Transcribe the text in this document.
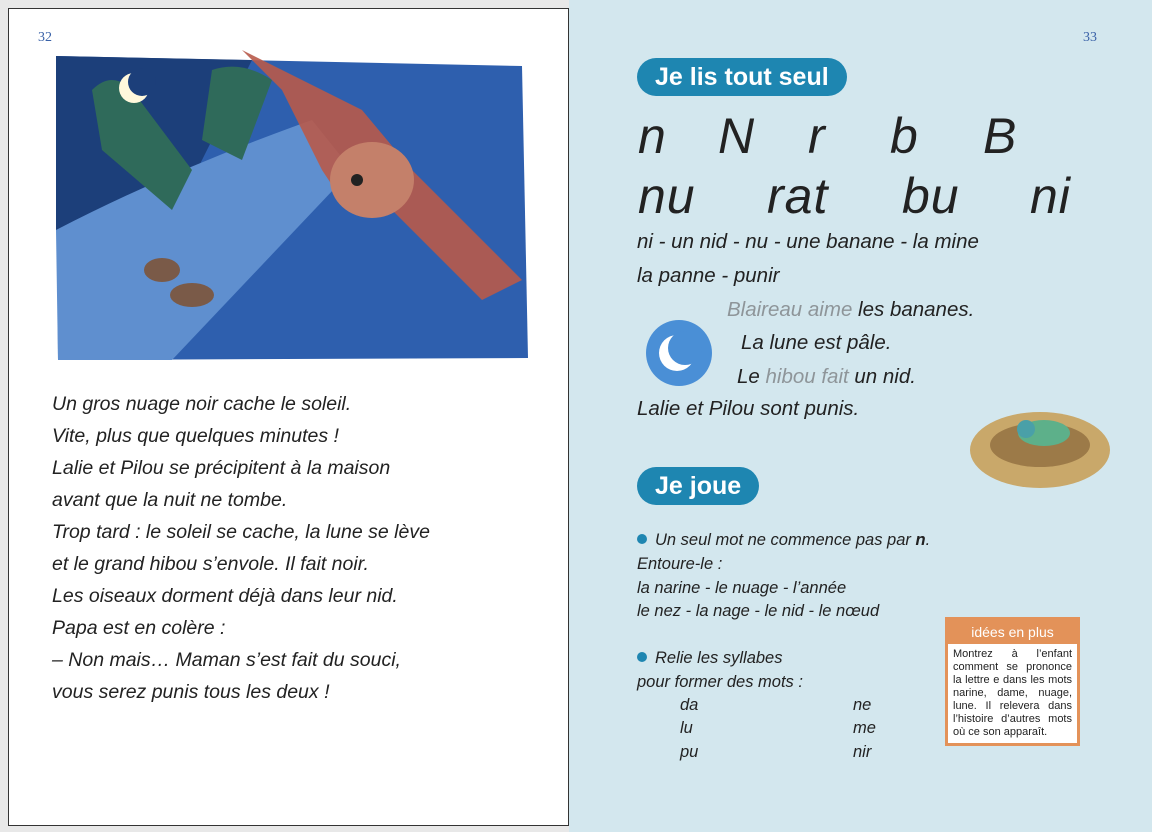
32	33
Un gros nuage noir cache le soleil.
Vite, plus que quelques minutes !
Lalie et Pilou se précipitent à la maison
avant que la nuit ne tombe.
Trop tard : le soleil se cache, la lune se lève
et le grand hibou s’envole. Il fait noir.
Les oiseaux dorment déjà dans leur nid.
Papa est en colère :
– Non mais… Maman s’est fait du souci,
vous serez punis tous les deux !
Je lis tout seul
n N r b B
nu rat bu ni
ni - un nid - nu - une banane - la mine
la panne - punir
Blaireau aime les bananes.
La lune est pâle.
Le hibou fait un nid.
Lalie et Pilou sont punis.
Je joue
Un seul mot ne commence pas par n.
Entoure-le :
la narine - le nuage - l’année
le nez - la nage - le nid - le nœud
Relie les syllabes
pour former des mots :
da
lu
pu
ne
me
nir
idées en plus
Montrez à l’enfant comment se prononce la lettre e dans les mots narine, dame, nuage, lune. Il relevera dans l’histoire d’autres mots où ce son apparaît.
